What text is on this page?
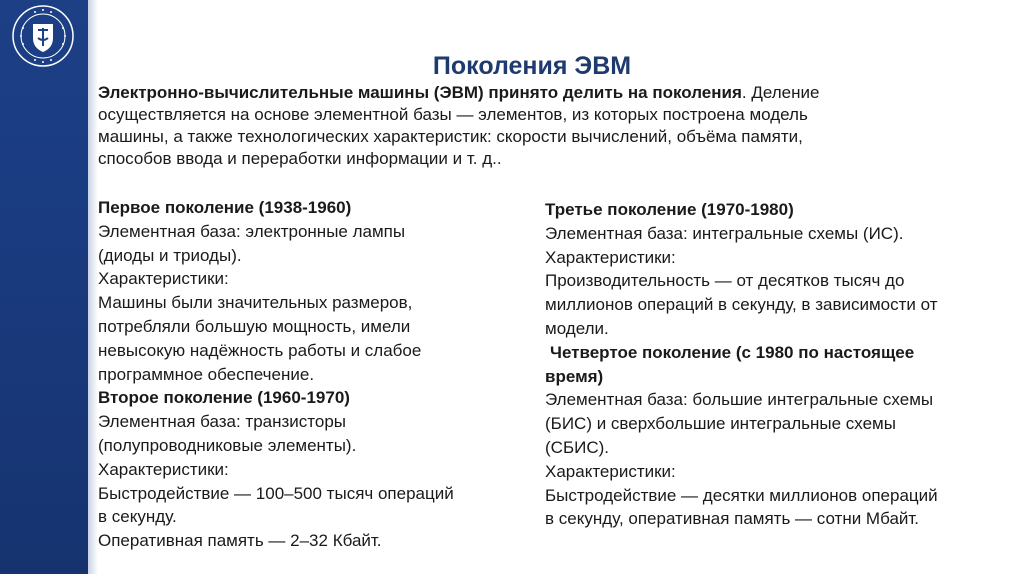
Поколения ЭВМ
Электронно-вычислительные машины (ЭВМ) принято делить на поколения. Деление
осуществляется на основе элементной базы — элементов, из которых построена модель
машины, а также технологических характеристик: скорости вычислений, объёма памяти,
способов ввода и переработки информации и т. д..
Первое поколение (1938-1960)
Элементная база: электронные лампы
(диоды и триоды).
Характеристики:
Машины были значительных размеров,
потребляли большую мощность, имели
невысокую надёжность работы и слабое
программное обеспечение.
Второе поколение (1960-1970)
Элементная база: транзисторы
(полупроводниковые элементы).
Характеристики:
Быстродействие — 100–500 тысяч операций
в секунду.
Оперативная память — 2–32 Кбайт.
Третье поколение (1970-1980)
Элементная база: интегральные схемы (ИС).
Характеристики:
Производительность — от десятков тысяч до
миллионов операций в секунду, в зависимости от
модели.
Четвертое поколение (с 1980 по настоящее
время)
Элементная база: большие интегральные схемы
(БИС) и сверхбольшие интегральные схемы
(СБИС).
Характеристики:
Быстродействие — десятки миллионов операций
в секунду, оперативная память — сотни Мбайт.
